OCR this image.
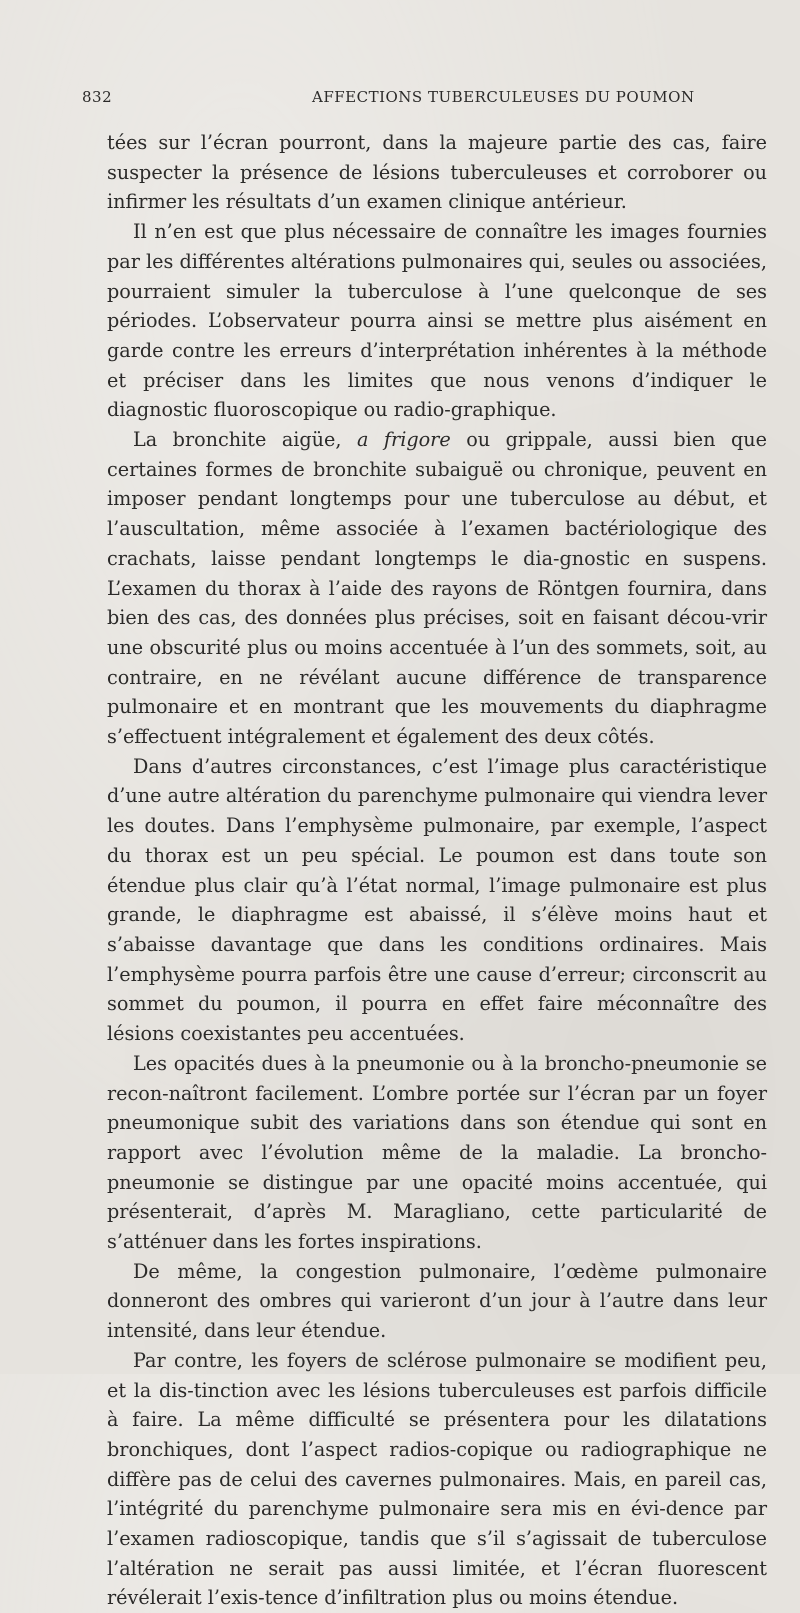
832	AFFECTIONS TUBERCULEUSES DU POUMON

tées sur l’écran pourront, dans la majeure partie des cas, faire suspecter la présence de lésions tuberculeuses et corroborer ou infirmer les résultats d’un examen clinique antérieur.

Il n’en est que plus nécessaire de connaître les images fournies par les différentes altérations pulmonaires qui, seules ou associées, pourraient simuler la tuberculose à l’une quelconque de ses périodes. L’observateur pourra ainsi se mettre plus aisément en garde contre les erreurs d’interprétation inhérentes à la méthode et préciser dans les limites que nous venons d’indiquer le diagnostic fluoroscopique ou radio-graphique.

La bronchite aigüe, a frigore ou grippale, aussi bien que certaines formes de bronchite subaiguë ou chronique, peuvent en imposer pendant longtemps pour une tuberculose au début, et l’auscultation, même associée à l’examen bactériologique des crachats, laisse pendant longtemps le dia-gnostic en suspens. L’examen du thorax à l’aide des rayons de Röntgen fournira, dans bien des cas, des données plus précises, soit en faisant décou-vrir une obscurité plus ou moins accentuée à l’un des sommets, soit, au contraire, en ne révélant aucune différence de transparence pulmonaire et en montrant que les mouvements du diaphragme s’effectuent intégralement et également des deux côtés.

Dans d’autres circonstances, c’est l’image plus caractéristique d’une autre altération du parenchyme pulmonaire qui viendra lever les doutes. Dans l’emphysème pulmonaire, par exemple, l’aspect du thorax est un peu spécial. Le poumon est dans toute son étendue plus clair qu’à l’état normal, l’image pulmonaire est plus grande, le diaphragme est abaissé, il s’élève moins haut et s’abaisse davantage que dans les conditions ordinaires. Mais l’emphysème pourra parfois être une cause d’erreur; circonscrit au sommet du poumon, il pourra en effet faire méconnaître des lésions coexistantes peu accentuées.

Les opacités dues à la pneumonie ou à la broncho-pneumonie se recon-naîtront facilement. L’ombre portée sur l’écran par un foyer pneumonique subit des variations dans son étendue qui sont en rapport avec l’évolution même de la maladie. La broncho-pneumonie se distingue par une opacité moins accentuée, qui présenterait, d’après M. Maragliano, cette particularité de s’atténuer dans les fortes inspirations.

De même, la congestion pulmonaire, l’œdème pulmonaire donneront des ombres qui varieront d’un jour à l’autre dans leur intensité, dans leur étendue.

Par contre, les foyers de sclérose pulmonaire se modifient peu, et la dis-tinction avec les lésions tuberculeuses est parfois difficile à faire. La même difficulté se présentera pour les dilatations bronchiques, dont l’aspect radios-copique ou radiographique ne diffère pas de celui des cavernes pulmonaires. Mais, en pareil cas, l’intégrité du parenchyme pulmonaire sera mis en évi-dence par l’examen radioscopique, tandis que s’il s’agissait de tuberculose l’altération ne serait pas aussi limitée, et l’écran fluorescent révélerait l’exis-tence d’infiltration plus ou moins étendue.
